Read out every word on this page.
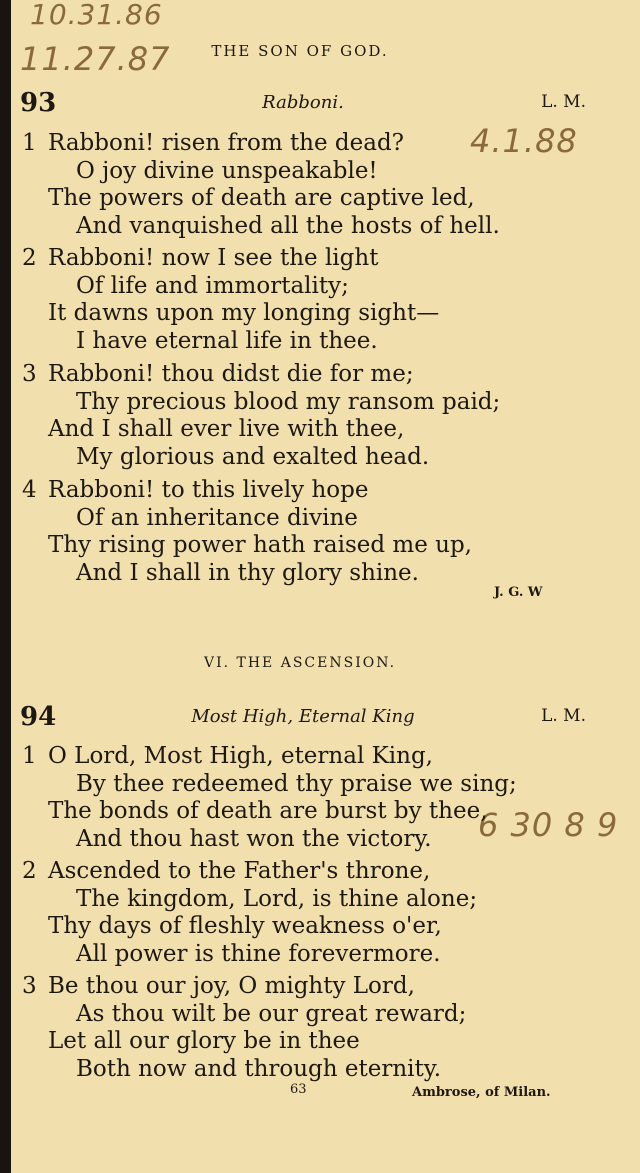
10.31.86
11.27.87
4.1.88
6 30 8 9
THE SON OF GOD.
93	Rabboni.	L. M.
1 Rabboni! risen from the dead?
O joy divine unspeakable!
The powers of death are captive led,
And vanquished all the hosts of hell.
2 Rabboni! now I see the light
Of life and immortality;
It dawns upon my longing sight—
I have eternal life in thee.
3 Rabboni! thou didst die for me;
Thy precious blood my ransom paid;
And I shall ever live with thee,
My glorious and exalted head.
4 Rabboni! to this lively hope
Of an inheritance divine
Thy rising power hath raised me up,
And I shall in thy glory shine.
J. G. W
VI. THE ASCENSION.
94	Most High, Eternal King	L. M.
1 O Lord, Most High, eternal King,
By thee redeemed thy praise we sing;
The bonds of death are burst by thee,
And thou hast won the victory.
2 Ascended to the Father's throne,
The kingdom, Lord, is thine alone;
Thy days of fleshly weakness o'er,
All power is thine forevermore.
3 Be thou our joy, O mighty Lord,
As thou wilt be our great reward;
Let all our glory be in thee
Both now and through eternity.
63	Ambrose, of Milan.
